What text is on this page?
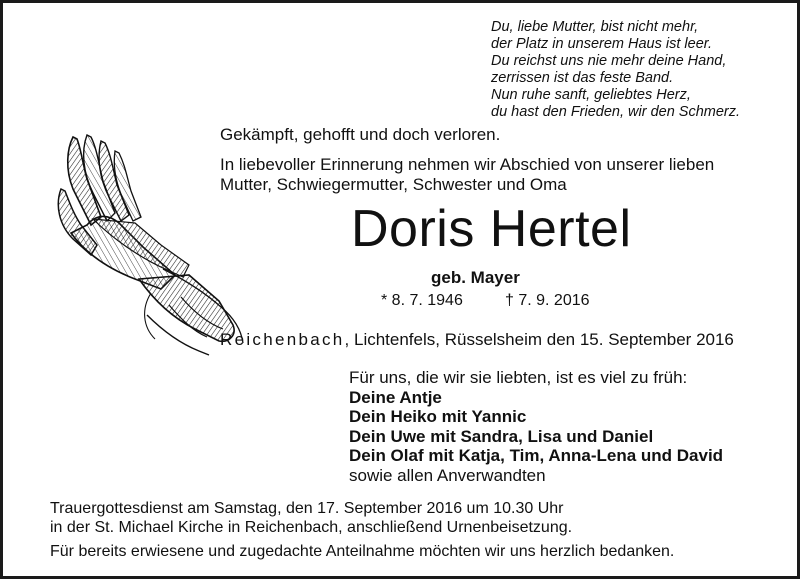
Du, liebe Mutter, bist nicht mehr,
der Platz in unserem Haus ist leer.
Du reichst uns nie mehr deine Hand,
zerrissen ist das feste Band.
Nun ruhe sanft, geliebtes Herz,
du hast den Frieden, wir den Schmerz.
Gekämpft, gehofft und doch verloren.
In liebevoller Erinnerung nehmen wir Abschied von unserer lieben
Mutter, Schwiegermutter, Schwester und Oma
Doris Hertel
geb. Mayer
* 8. 7. 1946	† 7. 9. 2016
Reichenbach, Lichtenfels, Rüsselsheim den 15. September 2016
Für uns, die wir sie liebten, ist es viel zu früh:
Deine Antje
Dein Heiko mit Yannic
Dein Uwe mit Sandra, Lisa und Daniel
Dein Olaf mit Katja, Tim, Anna-Lena und David
sowie allen Anverwandten
Trauergottesdienst am Samstag, den 17. September 2016 um 10.30 Uhr
in der St. Michael Kirche in Reichenbach, anschließend Urnenbeisetzung.
Für bereits erwiesene und zugedachte Anteilnahme möchten wir uns herzlich bedanken.
